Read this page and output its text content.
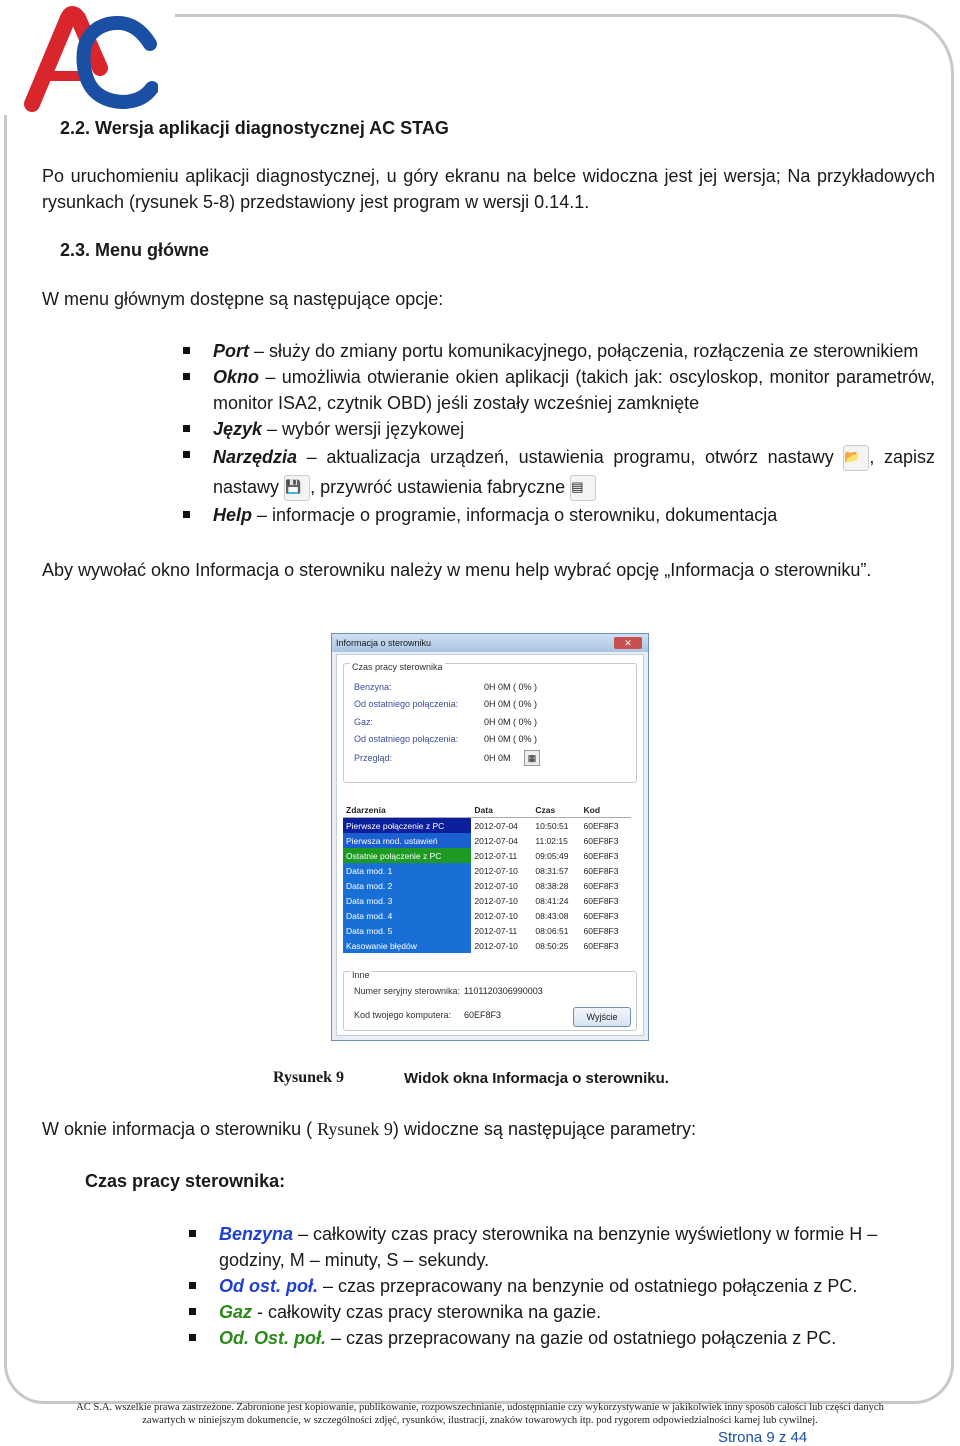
2.2. Wersja aplikacji diagnostycznej AC STAG
Po uruchomieniu aplikacji diagnostycznej, u góry ekranu na belce widoczna jest jej wersja; Na przykładowych rysunkach (rysunek 5-8) przedstawiony jest program w wersji 0.14.1.
2.3. Menu główne
W menu głównym dostępne są następujące opcje:
Port – służy do zmiany portu komunikacyjnego, połączenia, rozłączenia ze sterownikiem
Okno – umożliwia otwieranie okien aplikacji (takich jak: oscyloskop, monitor parametrów, monitor ISA2, czytnik OBD) jeśli zostały wcześniej zamknięte
Język – wybór wersji językowej
Narzędzia – aktualizacja urządzeń, ustawienia programu, otwórz nastawy 📂 , zapisz nastawy 💾 , przywróć ustawienia fabryczne ▤
Help – informacje o programie, informacja o sterowniku, dokumentacja
Aby wywołać okno Informacja o sterowniku należy w menu help wybrać opcję „Informacja o sterowniku”.
Informacja o sterowniku	✕
Czas pracy sterownika
Benzyna:	0H 0M ( 0% )
Od ostatniego połączenia:	0H 0M ( 0% )
Gaz:	0H 0M ( 0% )
Od ostatniego połączenia:	0H 0M ( 0% )
Przegląd:	0H 0M	▦
Zdarzenia	Data	Czas	Kod
Pierwsze połączenie z PC	2012-07-04	10:50:51	60EF8F3
Pierwsza mod. ustawień	2012-07-04	11:02:15	60EF8F3
Ostatnie połączenie z PC	2012-07-11	09:05:49	60EF8F3
Data mod. 1	2012-07-10	08:31:57	60EF8F3
Data mod. 2	2012-07-10	08:38:28	60EF8F3
Data mod. 3	2012-07-10	08:41:24	60EF8F3
Data mod. 4	2012-07-10	08:43:08	60EF8F3
Data mod. 5	2012-07-11	08:06:51	60EF8F3
Kasowanie błędów	2012-07-10	08:50:25	60EF8F3
Inne
Numer seryjny sterownika: 1101120306990003
Kod twojego komputera: 60EF8F3	Wyjście
Rysunek 9	Widok okna Informacja o sterowniku.
W oknie informacja o sterowniku ( Rysunek 9) widoczne są następujące parametry:
Czas pracy sterownika:
Benzyna – całkowity czas pracy sterownika na benzynie wyświetlony w formie H – godziny, M – minuty, S – sekundy.
Od ost. poł. – czas przepracowany na benzynie od ostatniego połączenia z PC.
Gaz - całkowity czas pracy sterownika na gazie.
Od. Ost. poł. – czas przepracowany na gazie od ostatniego połączenia z PC.
AC S.A. wszelkie prawa zastrzeżone. Zabronione jest kopiowanie, publikowanie, rozpowszechnianie, udostępnianie czy wykorzystywanie w jakikolwiek inny sposób całości lub części danych
zawartych w niniejszym dokumencie, w szczególności zdjęć, rysunków, ilustracji, znaków towarowych itp. pod rygorem odpowiedzialności karnej lub cywilnej.
Strona 9 z 44
